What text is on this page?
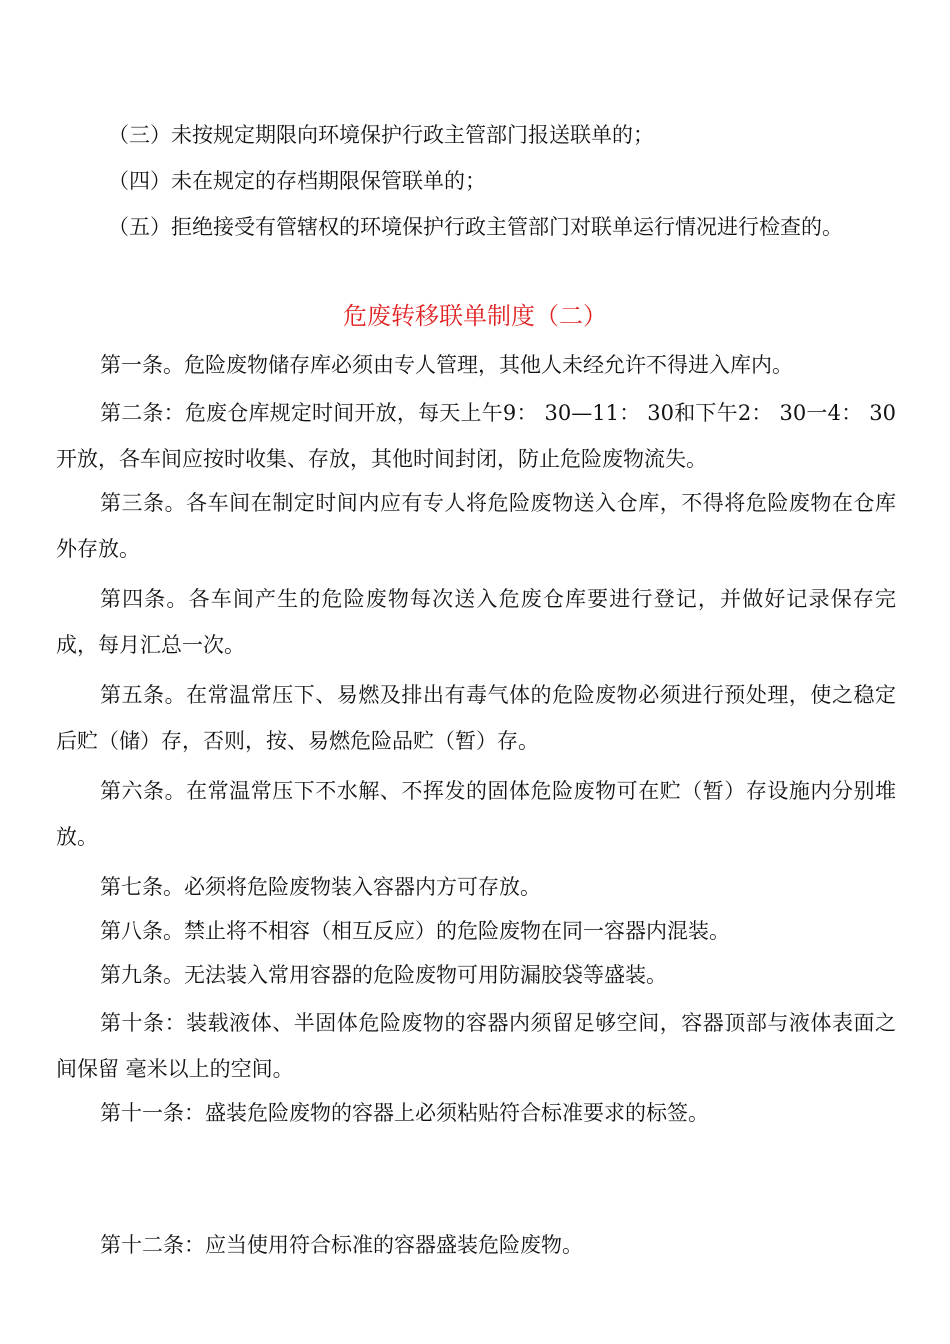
（三）未按规定期限向环境保护行政主管部门报送联单的；

（四）未在规定的存档期限保管联单的；

（五）拒绝接受有管辖权的环境保护行政主管部门对联单运行情况进行检查的。

危废转移联单制度（二）

第一条。危险废物储存库必须由专人管理，其他人未经允许不得进入库内。

第二条：危废仓库规定时间开放，每天上午9： 30—11： 30和下午2： 30一4： 30开放，各车间应按时收集、存放，其他时间封闭，防止危险废物流失。

第三条。各车间在制定时间内应有专人将危险废物送入仓库，不得将危险废物在仓库外存放。

第四条。各车间产生的危险废物每次送入危废仓库要进行登记，并做好记录保存完成，每月汇总一次。

第五条。在常温常压下、易燃及排出有毒气体的危险废物必须进行预处理，使之稳定后贮（储）存，否则，按、易燃危险品贮（暂）存。

第六条。在常温常压下不水解、不挥发的固体危险废物可在贮（暂）存设施内分别堆放。

第七条。必须将危险废物装入容器内方可存放。

第八条。禁止将不相容（相互反应）的危险废物在同一容器内混装。

第九条。无法装入常用容器的危险废物可用防漏胶袋等盛装。

第十条：装载液体、半固体危险废物的容器内须留足够空间，容器顶部与液体表面之间保留 毫米以上的空间。

第十一条：盛装危险废物的容器上必须粘贴符合标准要求的标签。

第十二条：应当使用符合标准的容器盛装危险废物。
